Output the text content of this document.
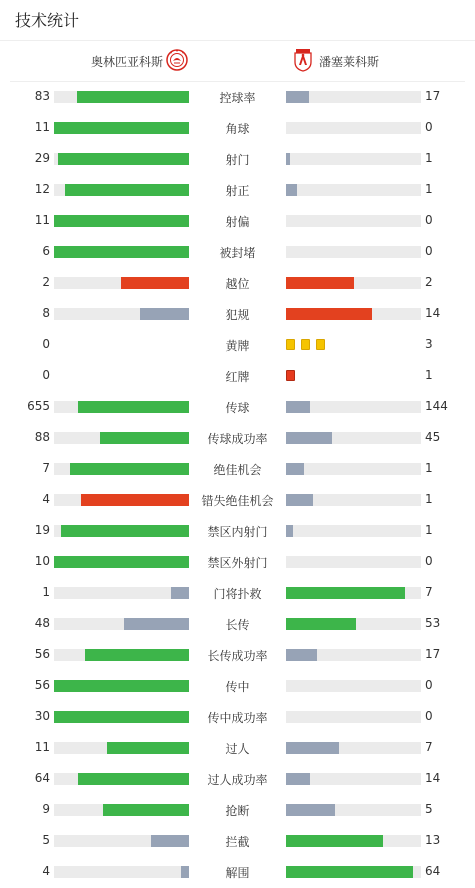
技术统计
奥林匹亚科斯	潘塞莱科斯
83	控球率	17
11	角球	0
29	射门	1
12	射正	1
11	射偏	0
6	被封堵	0
2	越位	2
8	犯规	14
0	黄牌	3
0	红牌	1
655	传球	144
88	传球成功率	45
7	绝佳机会	1
4	错失绝佳机会	1
19	禁区内射门	1
10	禁区外射门	0
1	门将扑救	7
48	长传	53
56	长传成功率	17
56	传中	0
30	传中成功率	0
11	过人	7
64	过人成功率	14
9	抢断	5
5	拦截	13
4	解围	64
